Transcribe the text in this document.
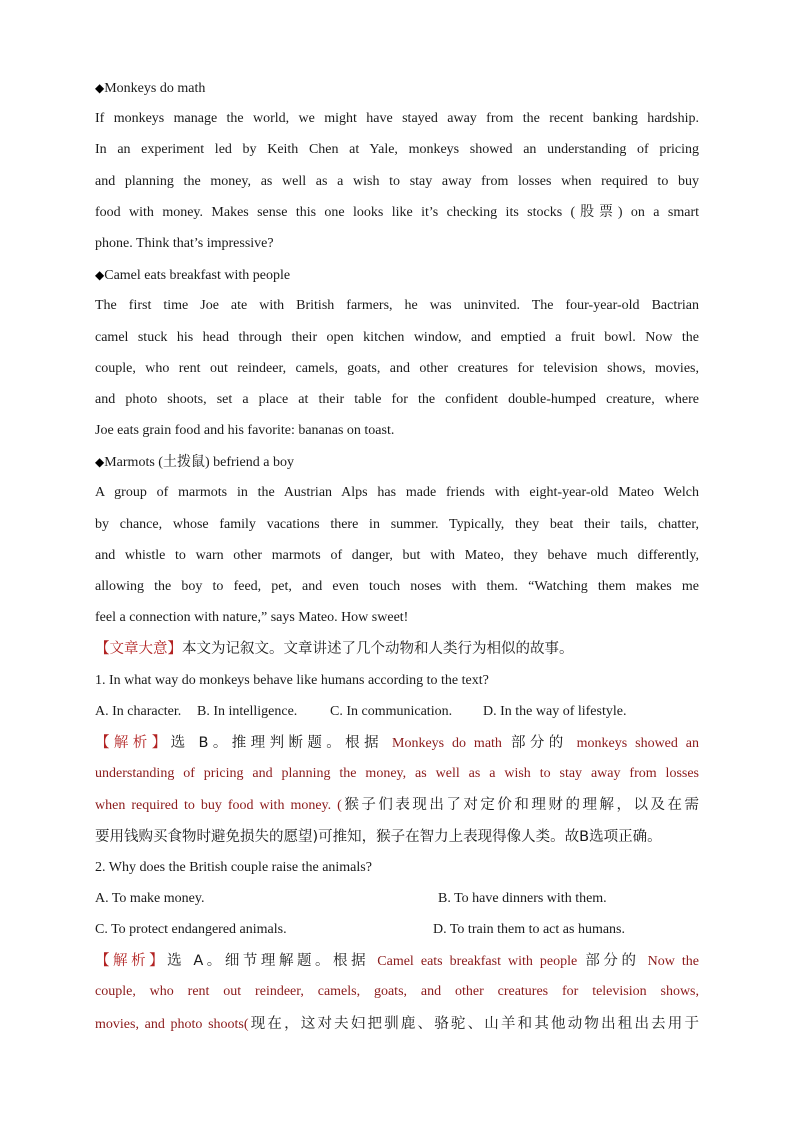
◆Monkeys do math
If monkeys manage the world, we might have stayed away from the recent banking hardship.
In an experiment led by Keith Chen at Yale, monkeys showed an understanding of pricing
and planning the money, as well as a wish to stay away from losses when required to buy
food with money. Makes sense this one looks like it’s checking its stocks (股票) on a smart
phone. Think that’s impressive?
◆Camel eats breakfast with people
The first time Joe ate with British farmers, he was uninvited. The four-year-old Bactrian
camel stuck his head through their open kitchen window, and emptied a fruit bowl. Now the
couple, who rent out reindeer, camels, goats, and other creatures for television shows, movies,
and photo shoots, set a place at their table for the confident double-humped creature, where
Joe eats grain food and his favorite: bananas on toast.
◆Marmots (土拨鼠) befriend a boy
A group of marmots in the Austrian Alps has made friends with eight-year-old Mateo Welch
by chance, whose family vacations there in summer. Typically, they beat their tails, chatter,
and whistle to warn other marmots of danger, but with Mateo, they behave much differently,
allowing the boy to feed, pet, and even touch noses with them. “Watching them makes me
feel a connection with nature,” says Mateo. How sweet!
【文章大意】本文为记叙文。文章讲述了几个动物和人类行为相似的故事。
1. In what way do monkeys behave like humans according to the text?
A. In character. B. In intelligence. C. In communication. D. In the way of lifestyle.
【解析】选 B。推理判断题。根据 Monkeys do math 部分的 monkeys showed an
understanding of pricing and planning the money, as well as a wish to stay away from losses
when required to buy food with money. (猴子们表现出了对定价和理财的理解，以及在需
要用钱购买食物时避免损失的愿望)可推知，猴子在智力上表现得像人类。故B选项正确。
2. Why does the British couple raise the animals?
A. To make money.	B. To have dinners with them.
C. To protect endangered animals.	D. To train them to act as humans.
【解析】选 A。细节理解题。根据 Camel eats breakfast with people 部分的 Now the
couple, who rent out reindeer, camels, goats, and other creatures for television shows,
movies, and photo shoots(现在，这对夫妇把驯鹿、骆驼、山羊和其他动物出租出去用于
